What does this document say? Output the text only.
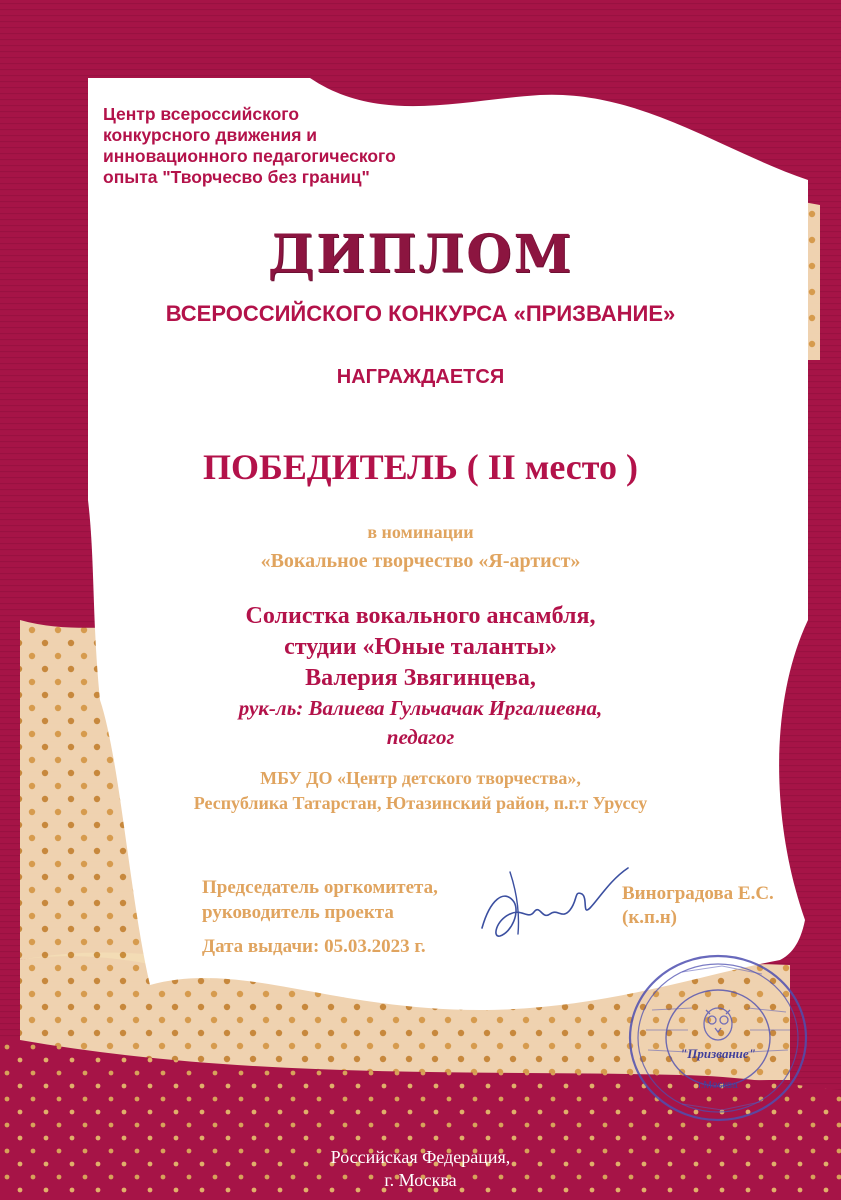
Центр всероссийского
конкурсного движения и
инновационного педагогического
опыта "Творчесво без границ"
ДИПЛОМ
ВСЕРОССИЙСКОГО КОНКУРСА «ПРИЗВАНИЕ»
НАГРАЖДАЕТСЯ
ПОБЕДИТЕЛЬ ( II место )
в номинации
«Вокальное творчество «Я-артист»
Солистка вокального ансамбля,
студии «Юные таланты»
Валерия Звягинцева,
рук-ль: Валиева Гульчачак Иргалиевна,
педагог
МБУ ДО «Центр детского творчества»,
Республика Татарстан, Ютазинский район, п.г.т Уруссу
Председатель оргкомитета,
руководитель проекта
Дата выдачи: 05.03.2023 г.
Виноградова Е.С.
(к.п.н)
"Призвание"
г.Москва
Российская Федерация,
г. Москва
